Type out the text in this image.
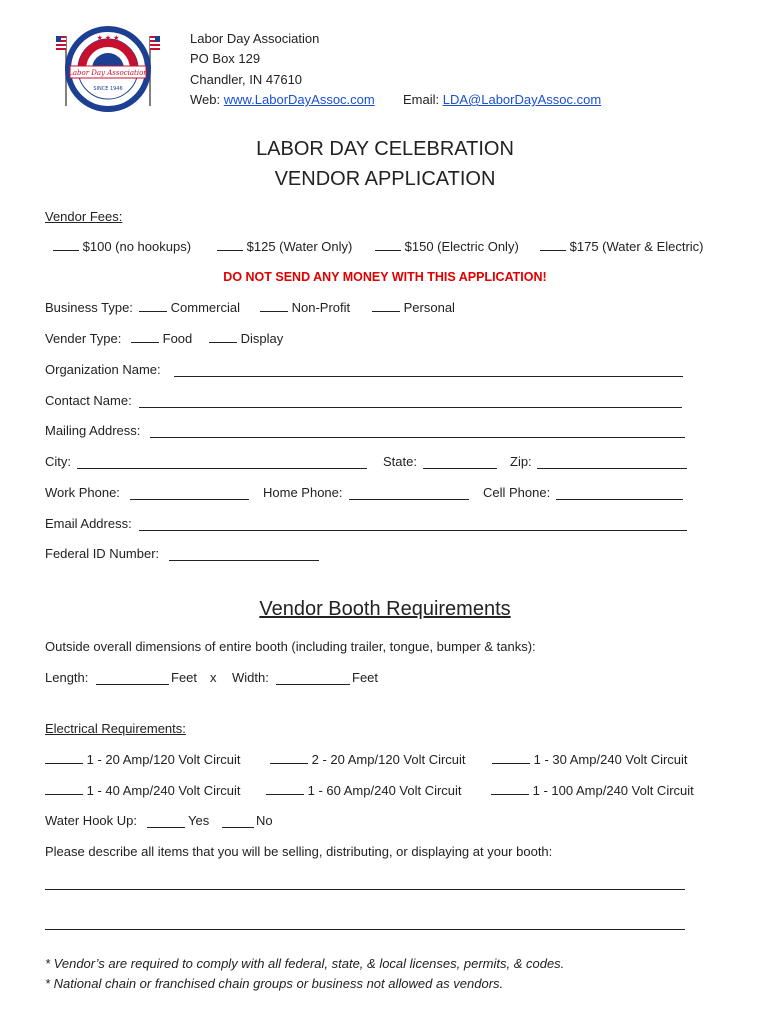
Labor Day Association
SINCE 1946
★ ★ ★	Labor Day Association
PO Box 129
Chandler, IN 47610
Web: www.LaborDayAssoc.com Email: LDA@LaborDayAssoc.com
LABOR DAY CELEBRATION
VENDOR APPLICATION
Vendor Fees:
$100 (no hookups)	$125 (Water Only)	$150 (Electric Only)	$175 (Water & Electric)
DO NOT SEND ANY MONEY WITH THIS APPLICATION!
Business Type:	Commercial	Non-Profit	Personal
Vender Type:	Food	Display
Organization Name:
Contact Name:
Mailing Address:
City:	State:	Zip:
Work Phone:	Home Phone:	Cell Phone:
Email Address:
Federal ID Number:
Vendor Booth Requirements
Outside overall dimensions of entire booth (including trailer, tongue, bumper & tanks):
Length:	Feet x Width:	Feet
Electrical Requirements:
1 - 20 Amp/120 Volt Circuit	2 - 20 Amp/120 Volt Circuit	1 - 30 Amp/240 Volt Circuit
1 - 40 Amp/240 Volt Circuit	1 - 60 Amp/240 Volt Circuit	1 - 100 Amp/240 Volt Circuit
Water Hook Up:	Yes	No
Please describe all items that you will be selling, distributing, or displaying at your booth:
* Vendor’s are required to comply with all federal, state, & local licenses, permits, & codes.
* National chain or franchised chain groups or business not allowed as vendors.
